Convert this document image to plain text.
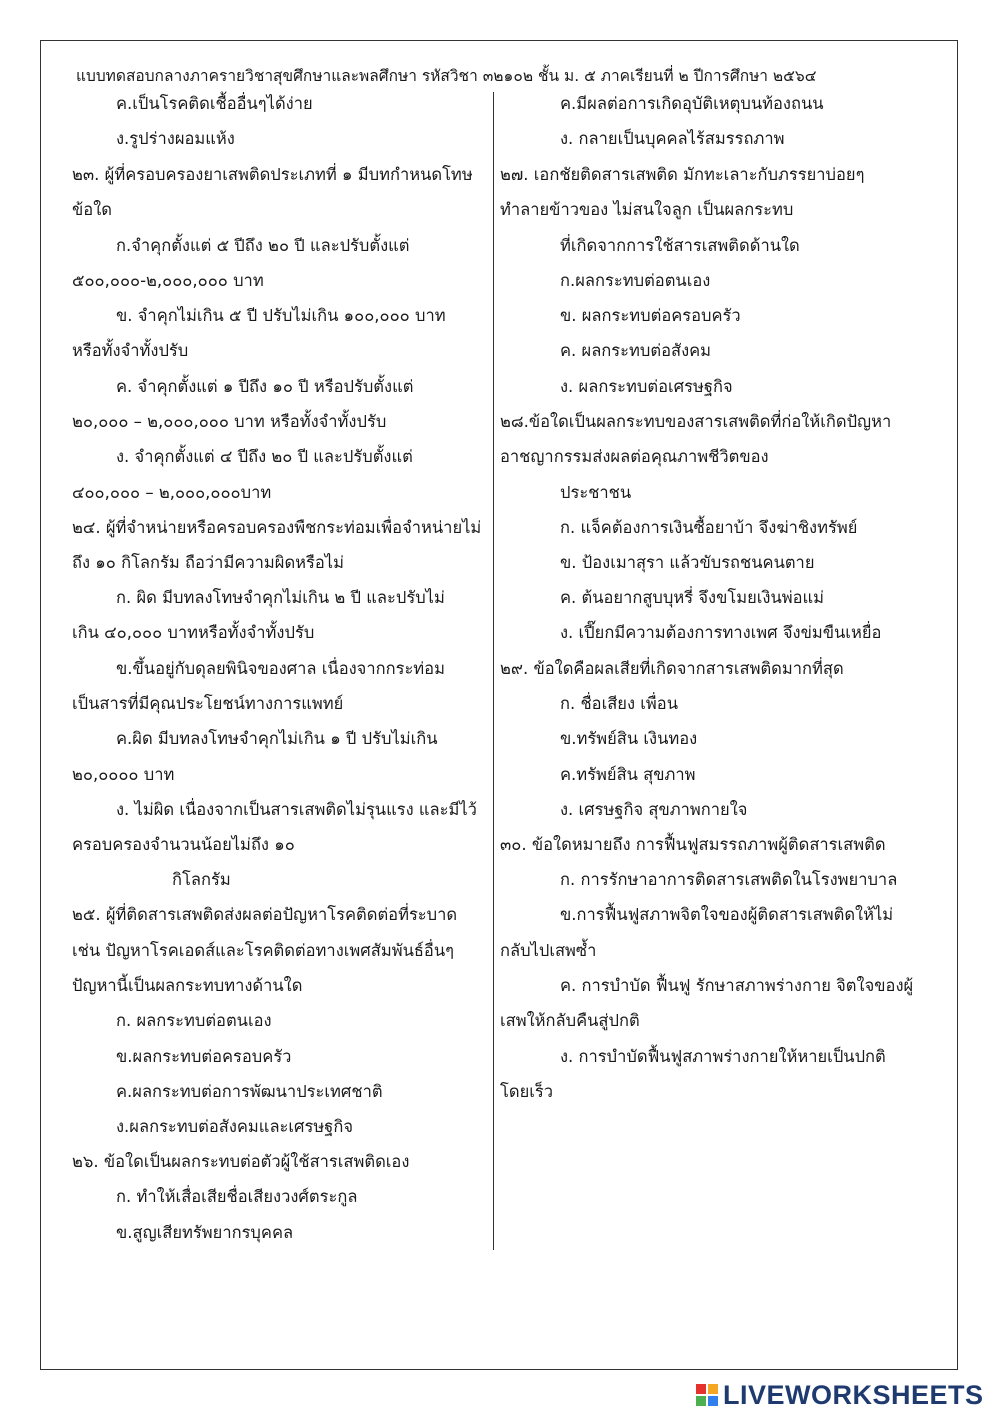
แบบทดสอบกลางภาครายวิชาสุขศึกษาและพลศึกษา รหัสวิชา ๓๒๑๐๒ ชั้น ม. ๕ ภาคเรียนที่ ๒ ปีการศึกษา ๒๕๖๔
ค.เป็นโรคติดเชื้ออื่นๆได้ง่าย
ง.รูปร่างผอมแห้ง
๒๓. ผู้ที่ครอบครองยาเสพติดประเภทที่ ๑ มีบทกำหนดโทษ
ข้อใด
ก.จำคุกตั้งแต่ ๕ ปีถึง ๒๐ ปี และปรับตั้งแต่
๕๐๐,๐๐๐-๒,๐๐๐,๐๐๐ บาท
ข. จำคุกไม่เกิน ๕ ปี ปรับไม่เกิน ๑๐๐,๐๐๐ บาท
หรือทั้งจำทั้งปรับ
ค. จำคุกตั้งแต่ ๑ ปีถึง ๑๐ ปี หรือปรับตั้งแต่
๒๐,๐๐๐ – ๒,๐๐๐,๐๐๐ บาท หรือทั้งจำทั้งปรับ
ง. จำคุกตั้งแต่ ๔ ปีถึง ๒๐ ปี และปรับตั้งแต่
๔๐๐,๐๐๐ – ๒,๐๐๐,๐๐๐บาท
๒๔. ผู้ที่จำหน่ายหรือครอบครองพืชกระท่อมเพื่อจำหน่ายไม่
ถึง ๑๐ กิโลกรัม ถือว่ามีความผิดหรือไม่
ก. ผิด มีบทลงโทษจำคุกไม่เกิน ๒ ปี และปรับไม่
เกิน ๔๐,๐๐๐ บาทหรือทั้งจำทั้งปรับ
ข.ขึ้นอยู่กับดุลยพินิจของศาล เนื่องจากกระท่อม
เป็นสารที่มีคุณประโยชน์ทางการแพทย์
ค.ผิด มีบทลงโทษจำคุกไม่เกิน ๑ ปี ปรับไม่เกิน
๒๐,๐๐๐๐ บาท
ง. ไม่ผิด เนื่องจากเป็นสารเสพติดไม่รุนแรง และมีไว้
ครอบครองจำนวนน้อยไม่ถึง ๑๐
กิโลกรัม
๒๕. ผู้ที่ติดสารเสพติดส่งผลต่อปัญหาโรคติดต่อที่ระบาด
เช่น ปัญหาโรคเอดส์และโรคติดต่อทางเพศสัมพันธ์อื่นๆ
ปัญหานี้เป็นผลกระทบทางด้านใด
ก. ผลกระทบต่อตนเอง
ข.ผลกระทบต่อครอบครัว
ค.ผลกระทบต่อการพัฒนาประเทศชาติ
ง.ผลกระทบต่อสังคมและเศรษฐกิจ
๒๖. ข้อใดเป็นผลกระทบต่อตัวผู้ใช้สารเสพติดเอง
ก. ทำให้เสื่อเสียชื่อเสียงวงศ์ตระกูล
ข.สูญเสียทรัพยากรบุคคล
ค.มีผลต่อการเกิดอุบัติเหตุบนท้องถนน
ง. กลายเป็นบุคคลไร้สมรรถภาพ
๒๗. เอกชัยติดสารเสพติด มักทะเลาะกับภรรยาบ่อยๆ
ทำลายข้าวของ ไม่สนใจลูก เป็นผลกระทบ
ที่เกิดจากการใช้สารเสพติดด้านใด
ก.ผลกระทบต่อตนเอง
ข. ผลกระทบต่อครอบครัว
ค. ผลกระทบต่อสังคม
ง. ผลกระทบต่อเศรษฐกิจ
๒๘.ข้อใดเป็นผลกระทบของสารเสพติดที่ก่อให้เกิดปัญหา
อาชญากรรมส่งผลต่อคุณภาพชีวิตของ
ประชาชน
ก. แจ็คต้องการเงินซื้อยาบ้า จึงฆ่าชิงทรัพย์
ข. ป้องเมาสุรา แล้วขับรถชนคนตาย
ค. ต้นอยากสูบบุหรี่ จึงขโมยเงินพ่อแม่
ง. เปี๊ยกมีความต้องการทางเพศ จึงข่มขืนเหยื่อ
๒๙. ข้อใดคือผลเสียที่เกิดจากสารเสพติดมากที่สุด
ก. ชื่อเสียง เพื่อน
ข.ทรัพย์สิน เงินทอง
ค.ทรัพย์สิน สุขภาพ
ง. เศรษฐกิจ สุขภาพกายใจ
๓๐. ข้อใดหมายถึง การฟื้นฟูสมรรถภาพผู้ติดสารเสพติด
ก. การรักษาอาการติดสารเสพติดในโรงพยาบาล
ข.การฟื้นฟูสภาพจิตใจของผู้ติดสารเสพติดให้ไม่
กลับไปเสพซ้ำ
ค. การบำบัด ฟื้นฟู รักษาสภาพร่างกาย จิตใจของผู้
เสพให้กลับคืนสู่ปกติ
ง. การบำบัดฟื้นฟูสภาพร่างกายให้หายเป็นปกติ
โดยเร็ว
LIVEWORKSHEETS
